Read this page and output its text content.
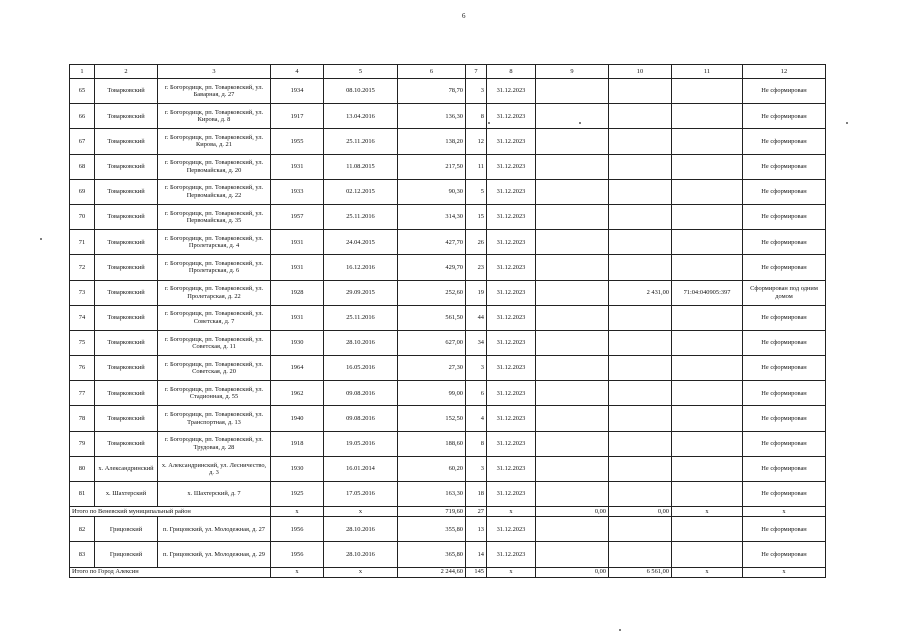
6
1	2	3	4	5	6	7	8	9	10	11	12
65	Товарковский	г. Богородицк, рп. Товарковский, ул. Баварная, д. 27	1934	08.10.2015	78,70	3	31.12.2023				Не сформирован
66	Товарковский	г. Богородицк, рп. Товарковский, ул. Кирова, д. 8	1917	13.04.2016	136,30	8	31.12.2023				Не сформирован
67	Товарковский	г. Богородицк, рп. Товарковский, ул. Кирова, д. 21	1955	25.11.2016	138,20	12	31.12.2023				Не сформирован
68	Товарковский	г. Богородицк, рп. Товарковский, ул. Первомайская, д. 20	1931	11.08.2015	217,50	11	31.12.2023				Не сформирован
69	Товарковский	г. Богородицк, рп. Товарковский, ул. Первомайская, д. 22	1933	02.12.2015	90,30	5	31.12.2023				Не сформирован
70	Товарковский	г. Богородицк, рп. Товарковский, ул. Первомайская, д. 35	1957	25.11.2016	314,30	15	31.12.2023				Не сформирован
71	Товарковский	г. Богородицк, рп. Товарковский, ул. Пролетарская, д. 4	1931	24.04.2015	427,70	26	31.12.2023				Не сформирован
72	Товарковский	г. Богородицк, рп. Товарковский, ул. Пролетарская, д. 6	1931	16.12.2016	429,70	23	31.12.2023				Не сформирован
73	Товарковский	г. Богородицк, рп. Товарковский, ул. Пролетарская, д. 22	1928	29.09.2015	252,60	19	31.12.2023		2 431,00	71:04:040905:397	Сформирован под одним домом
74	Товарковский	г. Богородицк, рп. Товарковский, ул. Советская, д. 7	1931	25.11.2016	561,50	44	31.12.2023				Не сформирован
75	Товарковский	г. Богородицк, рп. Товарковский, ул. Советская, д. 11	1930	28.10.2016	627,00	34	31.12.2023				Не сформирован
76	Товарковский	г. Богородицк, рп. Товарковский, ул. Советская, д. 20	1964	16.05.2016	27,30	3	31.12.2023				Не сформирован
77	Товарковский	г. Богородицк, рп. Товарковский, ул. Стадионная, д. 55	1962	09.08.2016	99,00	6	31.12.2023				Не сформирован
78	Товарковский	г. Богородицк, рп. Товарковский, ул. Транспортная, д. 13	1940	09.08.2016	152,50	4	31.12.2023				Не сформирован
79	Товарковский	г. Богородицк, рп. Товарковский, ул. Трудовая, д. 28	1918	19.05.2016	188,60	8	31.12.2023				Не сформирован
80	х. Александринский	х. Александринский, ул. Лесничество, д. 3	1930	16.01.2014	60,20	3	31.12.2023				Не сформирован
81	х. Шахтерский	х. Шахтерский, д. 7	1925	17.05.2016	163,30	18	31.12.2023				Не сформирован
Итого по Веневский муниципальный район			x	x	719,60	27	x	0,00	0,00	x	x
82	Грицовский	п. Грицовский, ул. Молодежная, д. 27	1956	28.10.2016	355,80	13	31.12.2023				Не сформирован
83	Грицовский	п. Грицовский, ул. Молодежная, д. 29	1956	28.10.2016	365,80	14	31.12.2023				Не сформирован
Итого по Город Алексин			x	x	2 244,60	145	x	0,00	6 561,00	x	x
